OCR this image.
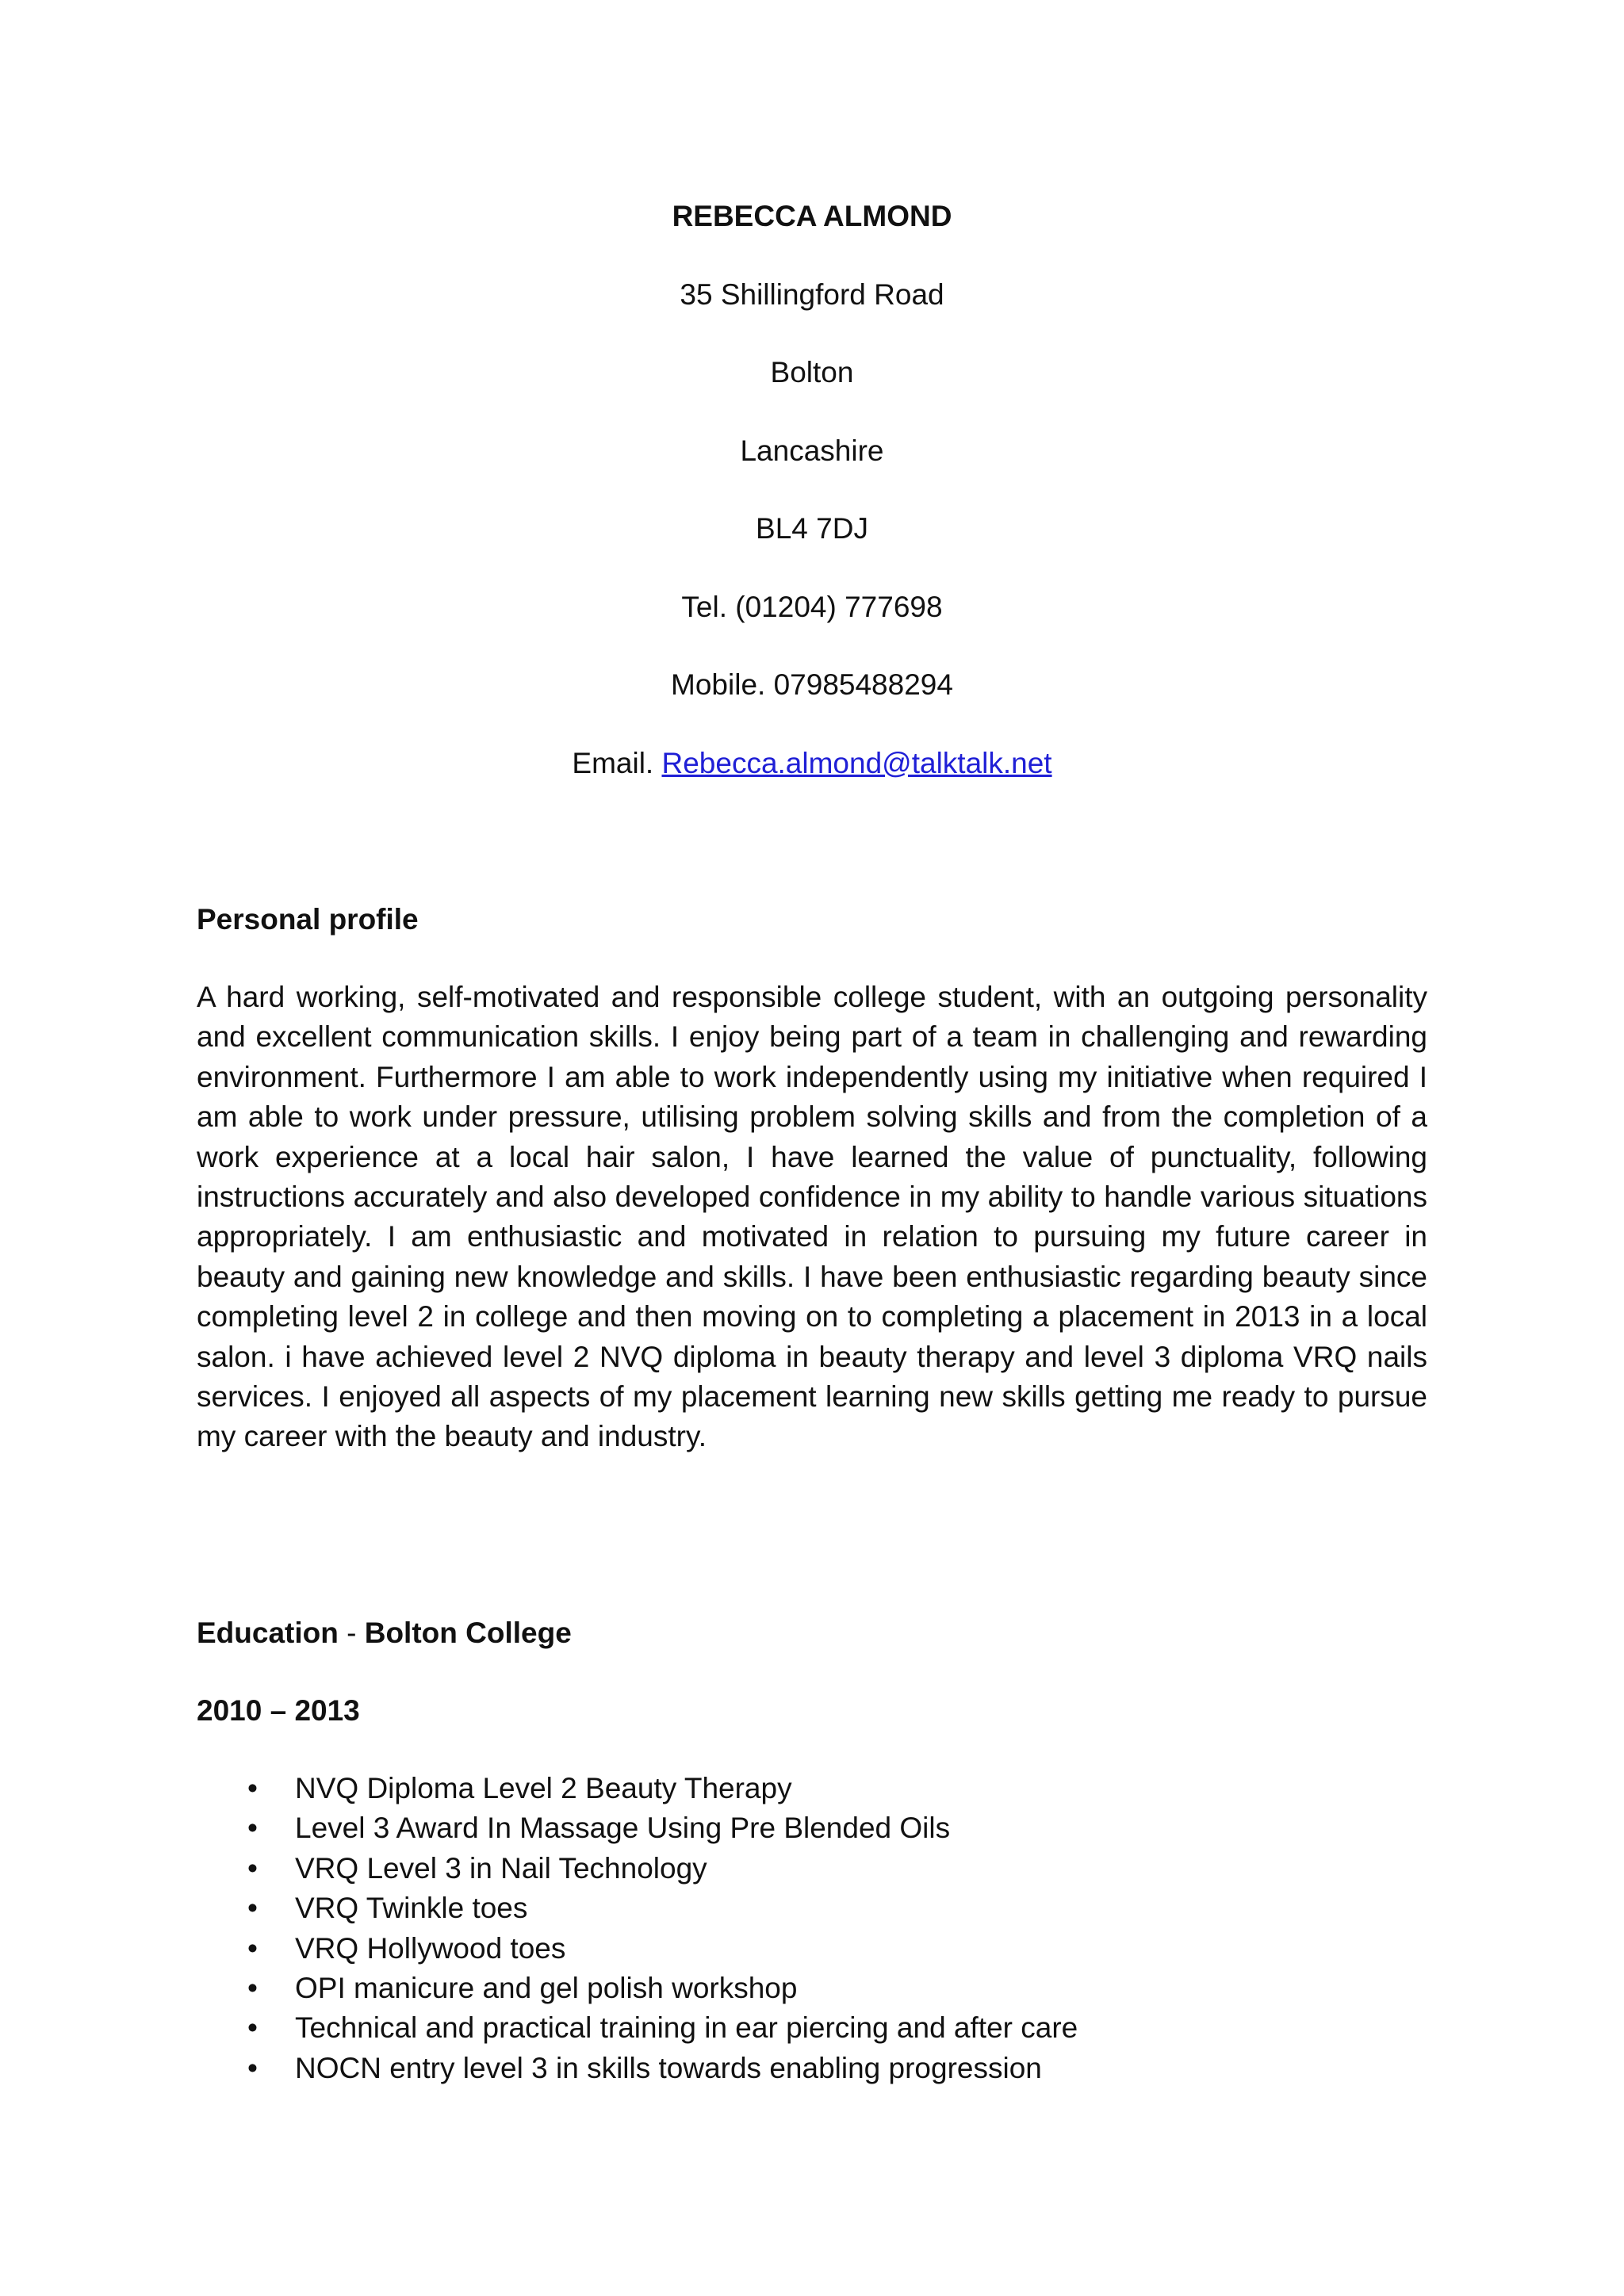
REBECCA ALMOND
35 Shillingford Road
Bolton
Lancashire
BL4 7DJ
Tel. (01204) 777698
Mobile. 07985488294
Email. Rebecca.almond@talktalk.net

Personal profile

A hard working, self-motivated and responsible college student, with an outgoing personality and excellent communication skills. I enjoy being part of a team in challenging and rewarding environment. Furthermore I am able to work independently using my initiative when required I am able to work under pressure, utilising problem solving skills and from the completion of a work experience at a local hair salon, I have learned the value of punctuality, following instructions accurately and also developed confidence in my ability to handle various situations appropriately. I am enthusiastic and motivated in relation to pursuing my future career in beauty and gaining new knowledge and skills. I have been enthusiastic regarding beauty since completing level 2 in college and then moving on to completing a placement in 2013 in a local salon. i have achieved level 2 NVQ diploma in beauty therapy and level 3 diploma VRQ nails services. I enjoyed all aspects of my placement learning new skills getting me ready to pursue my career with the beauty and industry.

Education - Bolton College

2010 – 2013

• NVQ Diploma Level 2 Beauty Therapy
• Level 3 Award In Massage Using Pre Blended Oils
• VRQ Level 3 in Nail Technology
• VRQ Twinkle toes
• VRQ Hollywood toes
• OPI manicure and gel polish workshop
• Technical and practical training in ear piercing and after care
• NOCN entry level 3 in skills towards enabling progression
